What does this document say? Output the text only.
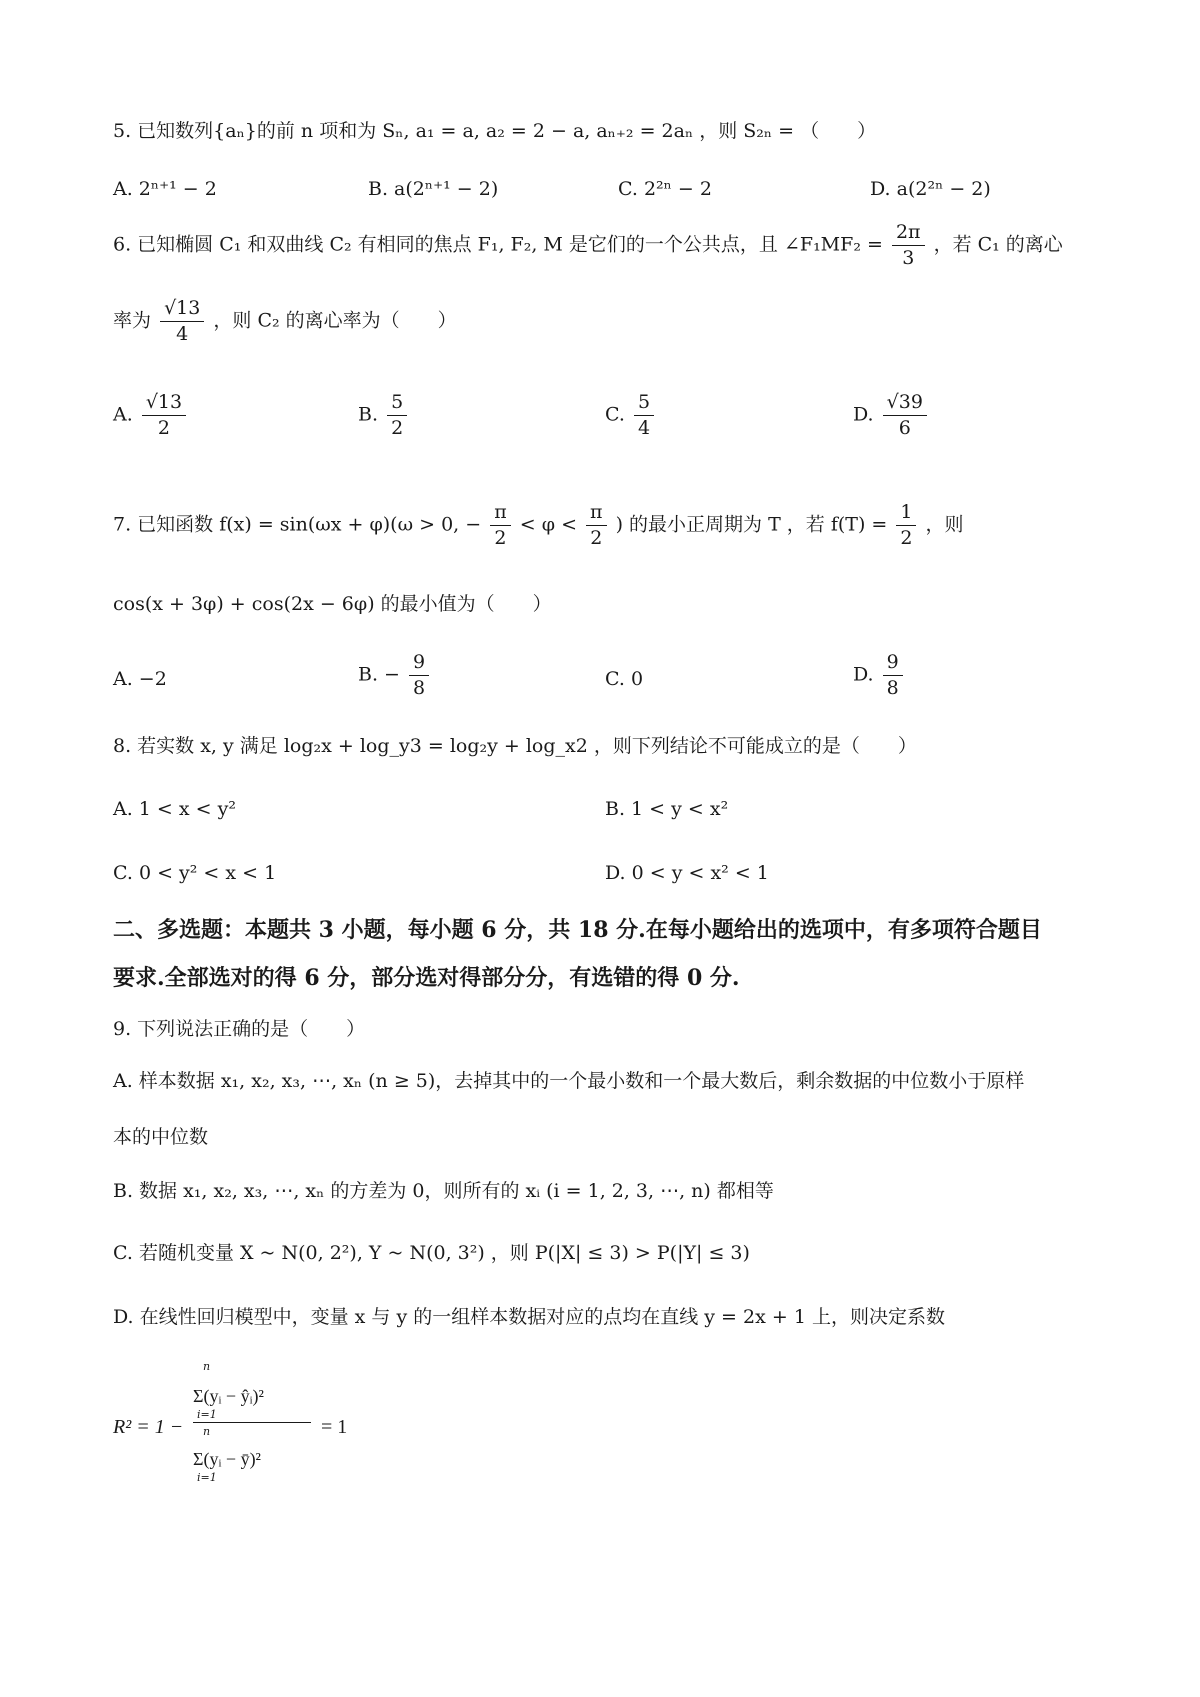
5. 已知数列{aₙ}的前 n 项和为 Sₙ, a₁ = a, a₂ = 2 − a, aₙ₊₂ = 2aₙ ，则 S₂ₙ = （　　）
A. 2ⁿ⁺¹ − 2	B. a(2ⁿ⁺¹ − 2)	C. 2²ⁿ − 2	D. a(2²ⁿ − 2)
6. 已知椭圆 C₁ 和双曲线 C₂ 有相同的焦点 F₁, F₂, M 是它们的一个公共点，且 ∠F₁MF₂ = $\frac{2\pi}{3}$ ，若 C₁ 的离心
率为 $\frac{√13}{4}$ ，则 C₂ 的离心率为（　　）
A. $\frac{√13}{2}$	B. $\frac{5}{2}$	C. $\frac{5}{4}$	D. $\frac{√39}{6}$
7. 已知函数 f(x) = sin(ωx + φ)(ω > 0, − $\frac{\pi}{2} < \varphi < \frac{\pi}{2}$ ) 的最小正周期为 T ，若 $f(T) = \frac{1}{2}$ ，则
cos(x + 3φ) + cos(2x − 6φ) 的最小值为（　　）
A. −2	B. − $\frac{9}{8}$	C. 0	D. $\frac{9}{8}$
8. 若实数 x, y 满足 log₂x + log_y3 = log₂y + log_x2 ，则下列结论不可能成立的是（　　）
A. 1 < x < y²	B. 1 < y < x²
C. 0 < y² < x < 1	D. 0 < y < x² < 1
二、多选题：本题共 3 小题，每小题 6 分，共 18 分.在每小题给出的选项中，有多项符合题目
要求.全部选对的得 6 分，部分选对得部分分，有选错的得 0 分.
9. 下列说法正确的是（　　）
A. 样本数据 x₁, x₂, x₃, ⋯, xₙ (n ≥ 5)，去掉其中的一个最小数和一个最大数后，剩余数据的中位数小于原样
本的中位数
B. 数据 x₁, x₂, x₃, ⋯, xₙ 的方差为 0，则所有的 xᵢ (i = 1, 2, 3, ⋯, n) 都相等
C. 若随机变量 X ~ N(0, 2²), Y ~ N(0, 3²) ，则 P(|X| ≤ 3) > P(|Y| ≤ 3)
D. 在线性回归模型中，变量 x 与 y 的一组样本数据对应的点均在直线 y = 2x + 1 上，则决定系数
R² = 1 −
n
Σ(yᵢ − ŷᵢ)²
i=1
n
Σ(yᵢ − ȳ)²
i=1
= 1
